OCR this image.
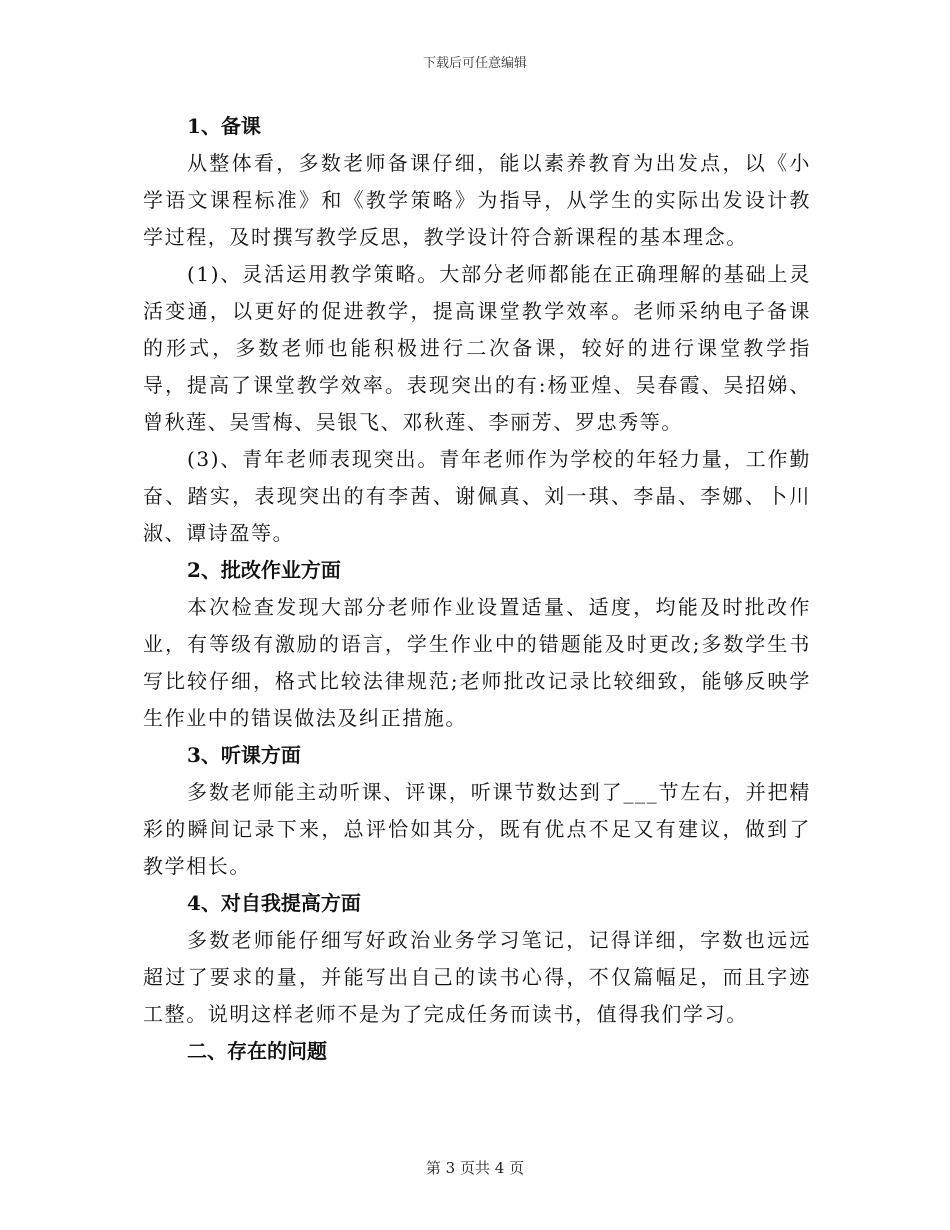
下载后可任意编辑
1、备课
从整体看，多数老师备课仔细，能以素养教育为出发点，以《小学语文课程标准》和《教学策略》为指导，从学生的实际出发设计教学过程，及时撰写教学反思，教学设计符合新课程的基本理念。
(1)、灵活运用教学策略。大部分老师都能在正确理解的基础上灵活变通，以更好的促进教学，提高课堂教学效率。老师采纳电子备课的形式，多数老师也能积极进行二次备课，较好的进行课堂教学指导，提高了课堂教学效率。表现突出的有:杨亚煌、吴春霞、吴招娣、曾秋莲、吴雪梅、吴银飞、邓秋莲、李丽芳、罗忠秀等。
(3)、青年老师表现突出。青年老师作为学校的年轻力量，工作勤奋、踏实，表现突出的有李茜、谢佩真、刘一琪、李晶、李娜、卜川淑、谭诗盈等。
2、批改作业方面
本次检查发现大部分老师作业设置适量、适度，均能及时批改作业，有等级有激励的语言，学生作业中的错题能及时更改;多数学生书写比较仔细，格式比较法律规范;老师批改记录比较细致，能够反映学生作业中的错误做法及纠正措施。
3、听课方面
多数老师能主动听课、评课，听课节数达到了___节左右，并把精彩的瞬间记录下来，总评恰如其分，既有优点不足又有建议，做到了教学相长。
4、对自我提高方面
多数老师能仔细写好政治业务学习笔记，记得详细，字数也远远超过了要求的量，并能写出自己的读书心得，不仅篇幅足，而且字迹工整。说明这样老师不是为了完成任务而读书，值得我们学习。
二、存在的问题
第 3 页共 4 页
